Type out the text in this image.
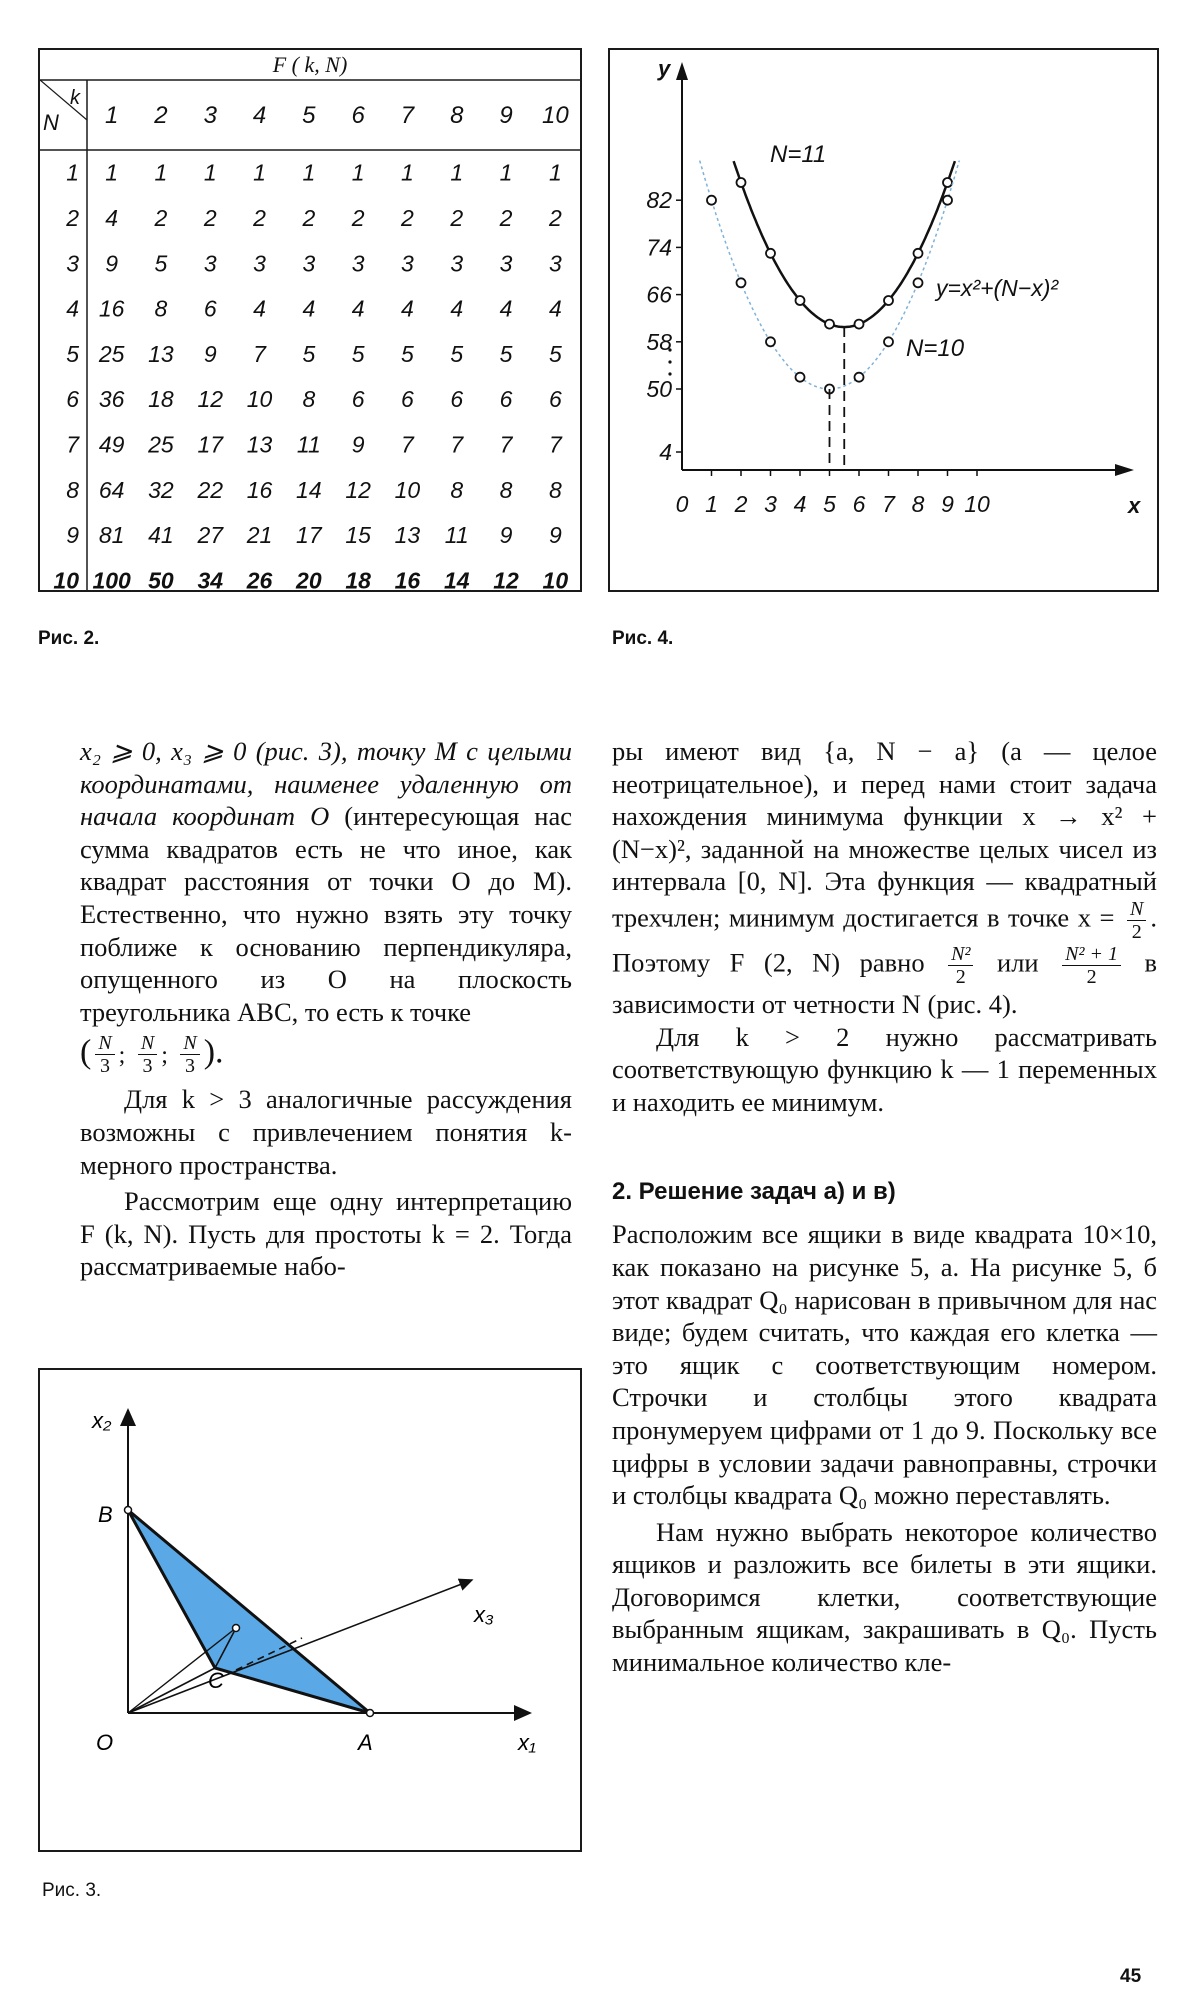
F ( k, N)
k
N 1 2 3 4 5 6 7 8 9 10
1 1 1 1 1 1 1 1 1 1 1
2 4 2 2 2 2 2 2 2 2 2
3 9 5 3 3 3 3 3 3 3 3
4 16 8 6 4 4 4 4 4 4 4
5 25 13 9 7 5 5 5 5 5 5
6 36 18 12 10 8 6 6 6 6 6
7 49 25 17 13 11 9 7 7 7 7
8 64 32 22 16 14 12 10 8 8 8
9 81 41 27 21 17 15 13 11 9 9
10 100 50 34 26 20 18 16 14 12 10
Рис. 2.
4
50
58
66
74
82
0 1 2 3 4 5 6 7 8 9 10	x
y
N=11
N=10
y=x²+(N−x)²
Рис. 4.

x₂ ⩾ 0, x₃ ⩾ 0 (рис. 3), точку M с целыми координатами, наименее удаленную от начала координат O (интересующая нас сумма квадратов есть не что иное, как квадрат расстояния от точки O до M). Естественно, что нужно взять эту точку поближе к основанию перпендикуляра, опущенного из O на плоскость треугольника ABC, то есть к точке

( $\frac{N}{3}$ ; $\frac{N}{3}$ ; $\frac{N}{3}$ ).

Для k > 3 аналогичные рассуждения возможны с привлечением понятия k-мерного пространства.

Рассмотрим еще одну интерпретацию F (k, N). Пусть для простоты k = 2. Тогда рассматриваемые набо-

x₂
x₃
x₁
O	A
B
C
Рис. 3.

ры имеют вид {a, N − a} (a — целое неотрицательное), и перед нами стоит задача нахождения минимума функции x → x² + (N−x)², заданной на множестве целых чисел из интервала [0, N]. Эта функция — квадратный трехчлен; минимум достигается в точке $x = \frac{N}{2}$ . Поэтому F (2, N) равно $\frac{\text{N²}}{2}$ или $\frac{\text{N² + 1}}{2}$ в зависимости от четности N (рис. 4).

Для k > 2 нужно рассматривать соответствующую функцию k — 1 переменных и находить ее минимум.

2. Решение задач а) и в)

Расположим все ящики в виде квадрата 10×10, как показано на рисунке 5, а. На рисунке 5, б этот квадрат Q₀ нарисован в привычном для нас виде; будем считать, что каждая его клетка — это ящик с соответствующим номером. Строчки и столбцы этого квадрата пронумеруем цифрами от 1 до 9. Поскольку все цифры в условии задачи равноправны, строчки и столбцы квадрата Q₀ можно переставлять.

Нам нужно выбрать некоторое количество ящиков и разложить все билеты в эти ящики. Договоримся клетки, соответствующие выбранным ящикам, закрашивать в Q₀. Пусть минимальное количество кле-

45
